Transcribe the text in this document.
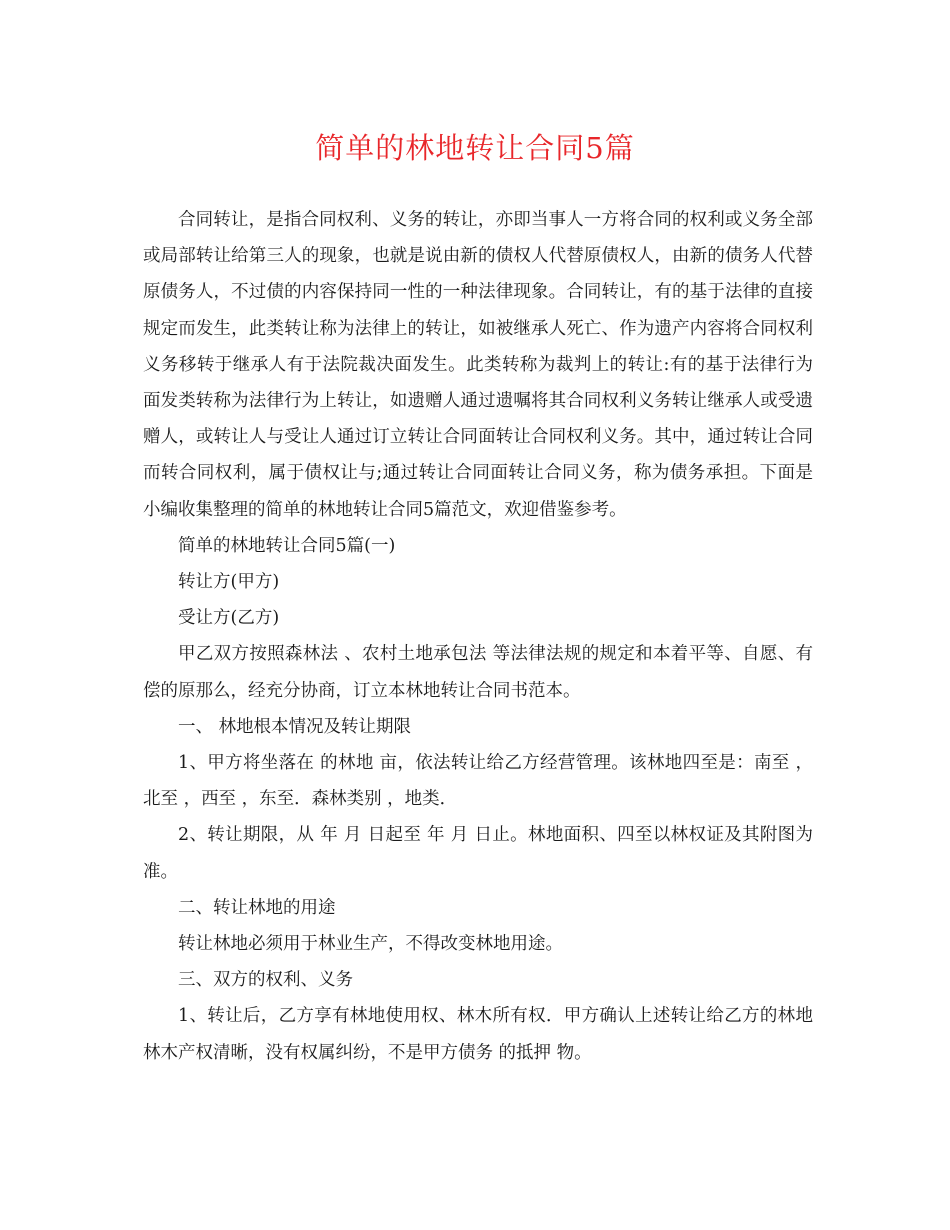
简单的林地转让合同5篇

合同转让，是指合同权利、义务的转让，亦即当事人一方将合同的权利或义务全部或局部转让给第三人的现象，也就是说由新的债权人代替原债权人，由新的债务人代替原债务人，不过债的内容保持同一性的一种法律现象。合同转让，有的基于法律的直接规定而发生，此类转让称为法律上的转让，如被继承人死亡、作为遗产内容将合同权利义务移转于继承人有于法院裁决面发生。此类转称为裁判上的转让:有的基于法律行为面发类转称为法律行为上转让，如遗赠人通过遗嘱将其合同权利义务转让继承人或受遗赠人，或转让人与受让人通过订立转让合同面转让合同权利义务。其中，通过转让合同而转合同权利，属于债权让与;通过转让合同面转让合同义务，称为债务承担。下面是小编收集整理的简单的林地转让合同5篇范文，欢迎借鉴参考。

简单的林地转让合同5篇(一)

转让方(甲方)

受让方(乙方)

甲乙双方按照森林法 、农村土地承包法 等法律法规的规定和本着平等、自愿、有偿的原那么，经充分协商，订立本林地转让合同书范本。

一、 林地根本情况及转让期限

1、甲方将坐落在 的林地 亩，依法转让给乙方经营管理。该林地四至是：南至 ，北至 ，西至 ，东至．森林类别 ，地类．

2、转让期限，从 年 月 日起至 年 月 日止。林地面积、四至以林权证及其附图为准。

二、转让林地的用途

转让林地必须用于林业生产，不得改变林地用途。

三、双方的权利、义务

1、转让后，乙方享有林地使用权、林木所有权．甲方确认上述转让给乙方的林地林木产权清晰，没有权属纠纷，不是甲方债务 的抵押 物。
